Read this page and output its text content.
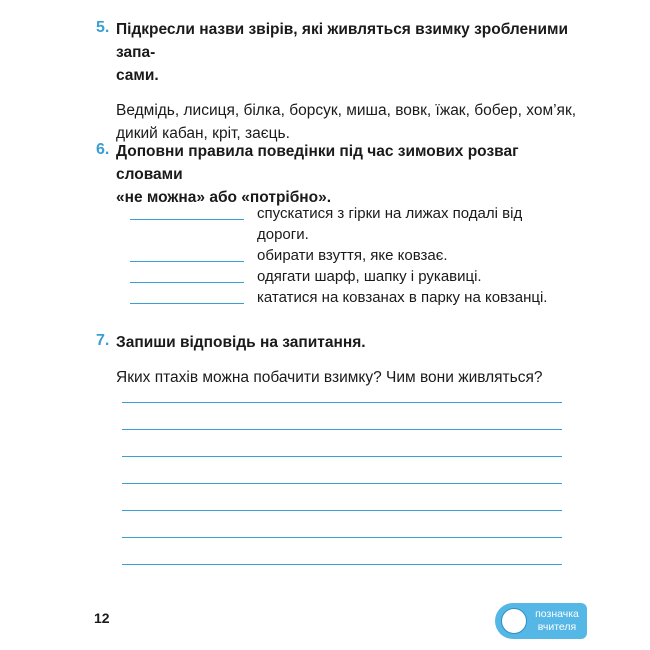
5. Підкресли назви звірів, які живляться взимку зробленими запа-
сами.
Ведмідь, лисиця, білка, борсук, миша, вовк, їжак, бобер, хом’як,
дикий кабан, кріт, заєць.
6. Доповни правила поведінки під час зимових розваг словами
«не можна» або «потрібно».
спускатися з гірки на лижах подалі від
дороги.
обирати взуття, яке ковзає.
одягати шарф, шапку і рукавиці.
кататися на ковзанах в парку на ковзанці.
7. Запиши відповідь на запитання.
Яких птахів можна побачити взимку? Чим вони живляться?
12	позначка
вчителя
